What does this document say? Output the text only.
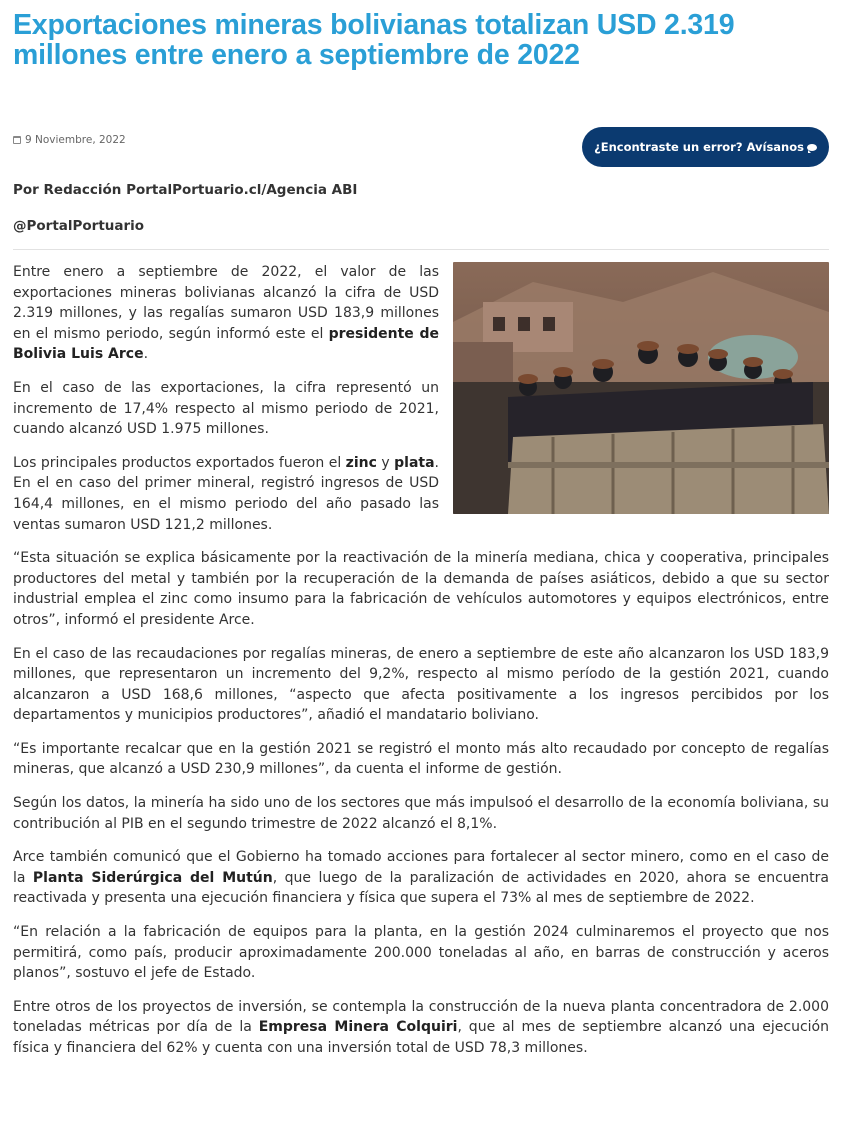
Exportaciones mineras bolivianas totalizan USD 2.319 millones entre enero a septiembre de 2022
9 Noviembre, 2022	¿Encontraste un error? Avísanos
Por Redacción PortalPortuario.cl/Agencia ABI
@PortalPortuario

Entre enero a septiembre de 2022, el valor de las exportaciones mineras bolivianas alcanzó la cifra de USD 2.319 millones, y las regalías sumaron USD 183,9 millones en el mismo periodo, según informó este el presidente de Bolivia Luis Arce.

En el caso de las exportaciones, la cifra representó un incremento de 17,4% respecto al mismo periodo de 2021, cuando alcanzó USD 1.975 millones.

Los principales productos exportados fueron el zinc y plata. En el en caso del primer mineral, registró ingresos de USD 164,4 millones, en el mismo periodo del año pasado las ventas sumaron USD 121,2 millones.

“Esta situación se explica básicamente por la reactivación de la minería mediana, chica y cooperativa, principales productores del metal y también por la recuperación de la demanda de países asiáticos, debido a que su sector industrial emplea el zinc como insumo para la fabricación de vehículos automotores y equipos electrónicos, entre otros”, informó el presidente Arce.

En el caso de las recaudaciones por regalías mineras, de enero a septiembre de este año alcanzaron los USD 183,9 millones, que representaron un incremento del 9,2%, respecto al mismo período de la gestión 2021, cuando alcanzaron a USD 168,6 millones, “aspecto que afecta positivamente a los ingresos percibidos por los departamentos y municipios productores”, añadió el mandatario boliviano.

“Es importante recalcar que en la gestión 2021 se registró el monto más alto recaudado por concepto de regalías mineras, que alcanzó a USD 230,9 millones”, da cuenta el informe de gestión.

Según los datos, la minería ha sido uno de los sectores que más impulsoó el desarrollo de la economía boliviana, su contribución al PIB en el segundo trimestre de 2022 alcanzó el 8,1%.

Arce también comunicó que el Gobierno ha tomado acciones para fortalecer al sector minero, como en el caso de la Planta Siderúrgica del Mutún, que luego de la paralización de actividades en 2020, ahora se encuentra reactivada y presenta una ejecución financiera y física que supera el 73% al mes de septiembre de 2022.

“En relación a la fabricación de equipos para la planta, en la gestión 2024 culminaremos el proyecto que nos permitirá, como país, producir aproximadamente 200.000 toneladas al año, en barras de construcción y aceros planos”, sostuvo el jefe de Estado.

Entre otros de los proyectos de inversión, se contempla la construcción de la nueva planta concentradora de 2.000 toneladas métricas por día de la Empresa Minera Colquiri, que al mes de septiembre alcanzó una ejecución física y financiera del 62% y cuenta con una inversión total de USD 78,3 millones.
